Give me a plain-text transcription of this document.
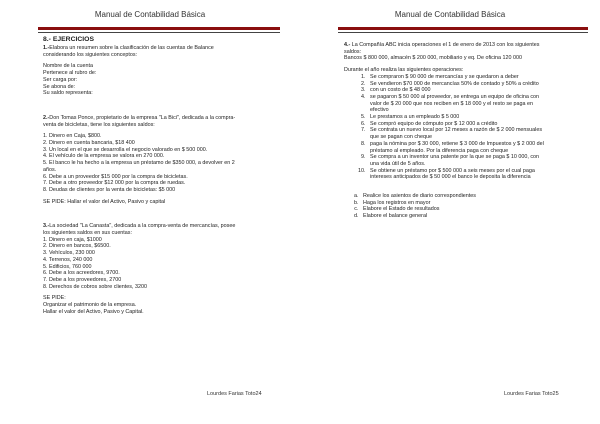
Manual de Contabilidad Básica
8.- EJERCICIOS
1.-Elabora un resumen sobre la clasificación de las cuentas de Balance
considerando los siguientes conceptos:
Nombre de la cuenta
Pertenece al rubro de:
Ser carga por:
Se abona de:
Su saldo representa:
2.-Don Tomas Ponce, propietario de la empresa "La Bici", dedicada a la compra-
venta de bicicletas, tiene los siguientes saldos:
1. Dinero en Caja, $800.
2. Dinero en cuenta bancaria, $18 400
3. Un local en el que se desarrolla el negocio valorado en $ 500 000.
4. El vehículo de la empresa se valora en 270 000.
5. El banco le ha hecho a la empresa un préstamo de $350 000, a devolver en 2
años.
6. Debe a un proveedor $15 000 por la compra de bicicletas.
7. Debe a otro proveedor $12 000 por la compra de ruedas.
8. Deudas de clientes por la venta de bicicletas: $5 000
SE PIDE: Hallar el valor del Activo, Pasivo y capital
3.-La sociedad "La Canasta", dedicada a la compra-venta de mercancías, posee
los siguientes saldos en sus cuentas:
1. Dinero en caja, $1000
2. Dinero en bancos, $6500.
3. Vehículos, 230 000
4. Terrenos, 240 000
5. Edificios, 760 000
6. Debe a los acreedores, 9700.
7. Debe a los proveedores, 2700
8. Derechos de cobros sobre clientes, 3200
SE PIDE:
Organizar el patrimonio de la empresa.
Hallar el valor del Activo, Pasivo y Capital.
Lourdes Farias Toto24
Manual de Contabilidad Básica
4.- La Compañía ABC inicia operaciones el 1 de enero de 2013 con los siguientes
saldos:
Bancos $ 800 000, almacén $ 200 000, mobiliario y eq. De oficina 120 000
Durante el año realiza las siguientes operaciones:
1. Se compraron $ 90 000 de mercancías y se quedaron a deber
2. Se vendieron $70 000 de mercancías 50% de contado y 50% a crédito
3. con un costo de $ 48 000
4. se pagaron $ 50 000 al proveedor, se entrega un equipo de oficina con
valor de $ 20 000 que nos reciben en $ 18 000 y el resto se paga en
efectivo
5. Le prestamos a un empleado $ 5 000
6. Se compró equipo de cómputo por $ 12 000 a crédito
7. Se contrata un nuevo local por 12 meses a razón de $ 2 000 mensuales
que se pagan con cheque
8. paga la nómina por $ 30 000, retiene $ 3 000 de Impuestos y $ 2 000 del
préstamo al empleado. Por la diferencia paga con cheque
9. Se compra a un inventor una patente por la que se paga $ 10 000, con
una vida útil de 5 años.
10. Se obtiene un préstamo por $ 500 000 a seis meses por el cual paga
intereses anticipados de $ 50 000 el banco le deposita la diferencia
a. Realice los asientos de diario correspondientes
b. Haga los registros en mayor
c. Elabore el Estado de resultados
d. Elabore el balance general
Lourdes Farias Toto25
